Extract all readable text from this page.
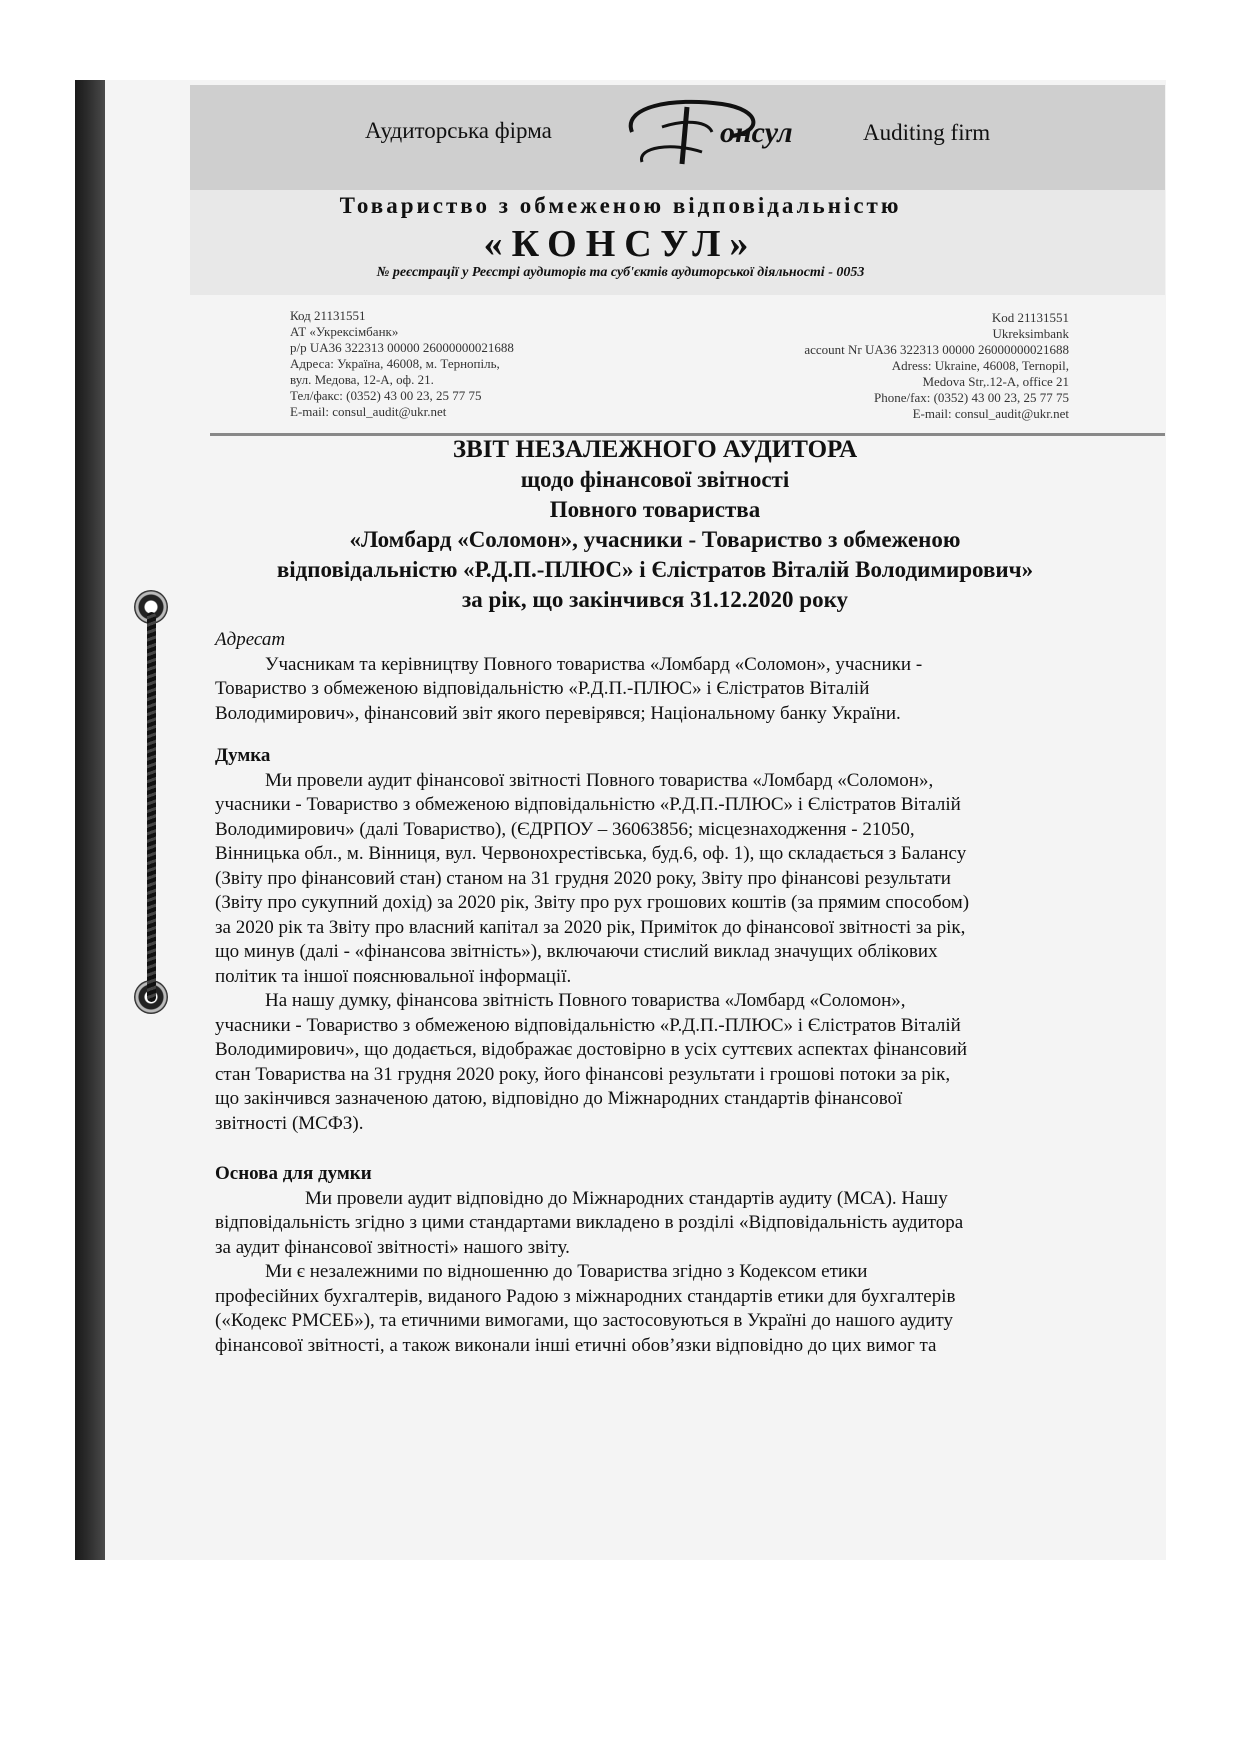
Аудиторська фірма	Auditing firm
онсул
Товариство з обмеженою відповідальністю
«КОНСУЛ»
№ реєстрації у Реєстрі аудиторів та суб'єктів аудиторської діяльності - 0053
Код 21131551
АТ «Укрексімбанк»
р/р UA36 322313 00000 26000000021688
Адреса: Україна, 46008, м. Тернопіль,
вул. Медова, 12-А, оф. 21.
Тел/факс: (0352) 43 00 23, 25 77 75
E-mail: consul_audit@ukr.net
Kod 21131551
Ukreksimbank
account Nr UA36 322313 00000 26000000021688
Adress: Ukraine, 46008, Ternopil,
Medova Str,.12-A, office 21
Phone/fax: (0352) 43 00 23, 25 77 75
E-mail: consul_audit@ukr.net
ЗВІТ НЕЗАЛЕЖНОГО АУДИТОРА
щодо фінансової звітності
Повного товариства
«Ломбард «Соломон», учасники - Товариство з обмеженою
відповідальністю «Р.Д.П.-ПЛЮС» і Єлістратов Віталій Володимирович»
за рік, що закінчився 31.12.2020 року
Адресат
Учасникам та керівництву Повного товариства «Ломбард «Соломон», учасники -
Товариство з обмеженою відповідальністю «Р.Д.П.-ПЛЮС» і Єлістратов Віталій
Володимирович», фінансовий звіт якого перевірявся; Національному банку України.
Думка
Ми провели аудит фінансової звітності Повного товариства «Ломбард «Соломон»,
учасники - Товариство з обмеженою відповідальністю «Р.Д.П.-ПЛЮС» і Єлістратов Віталій
Володимирович» (далі Товариство), (ЄДРПОУ – 36063856; місцезнаходження - 21050,
Вінницька обл., м. Вінниця, вул. Червонохрестівська, буд.6, оф. 1), що складається з Балансу
(Звіту про фінансовий стан) станом на 31 грудня 2020 року, Звіту про фінансові результати
(Звіту про сукупний дохід) за 2020 рік, Звіту про рух грошових коштів (за прямим способом)
за 2020 рік та Звіту про власний капітал за 2020 рік, Приміток до фінансової звітності за рік,
що минув (далі - «фінансова звітність»), включаючи стислий виклад значущих облікових
політик та іншої пояснювальної інформації.
На нашу думку, фінансова звітність Повного товариства «Ломбард «Соломон»,
учасники - Товариство з обмеженою відповідальністю «Р.Д.П.-ПЛЮС» і Єлістратов Віталій
Володимирович», що додається, відображає достовірно в усіх суттєвих аспектах фінансовий
стан Товариства на 31 грудня 2020 року, його фінансові результати і грошові потоки за рік,
що закінчився зазначеною датою, відповідно до Міжнародних стандартів фінансової
звітності (МСФЗ).
Основа для думки
Ми провели аудит відповідно до Міжнародних стандартів аудиту (МСА). Нашу
відповідальність згідно з цими стандартами викладено в розділі «Відповідальність аудитора
за аудит фінансової звітності» нашого звіту.
Ми є незалежними по відношенню до Товариства згідно з Кодексом етики
професійних бухгалтерів, виданого Радою з міжнародних стандартів етики для бухгалтерів
(«Кодекс РМСЕБ»), та етичними вимогами, що застосовуються в Україні до нашого аудиту
фінансової звітності, а також виконали інші етичні обов’язки відповідно до цих вимог та
